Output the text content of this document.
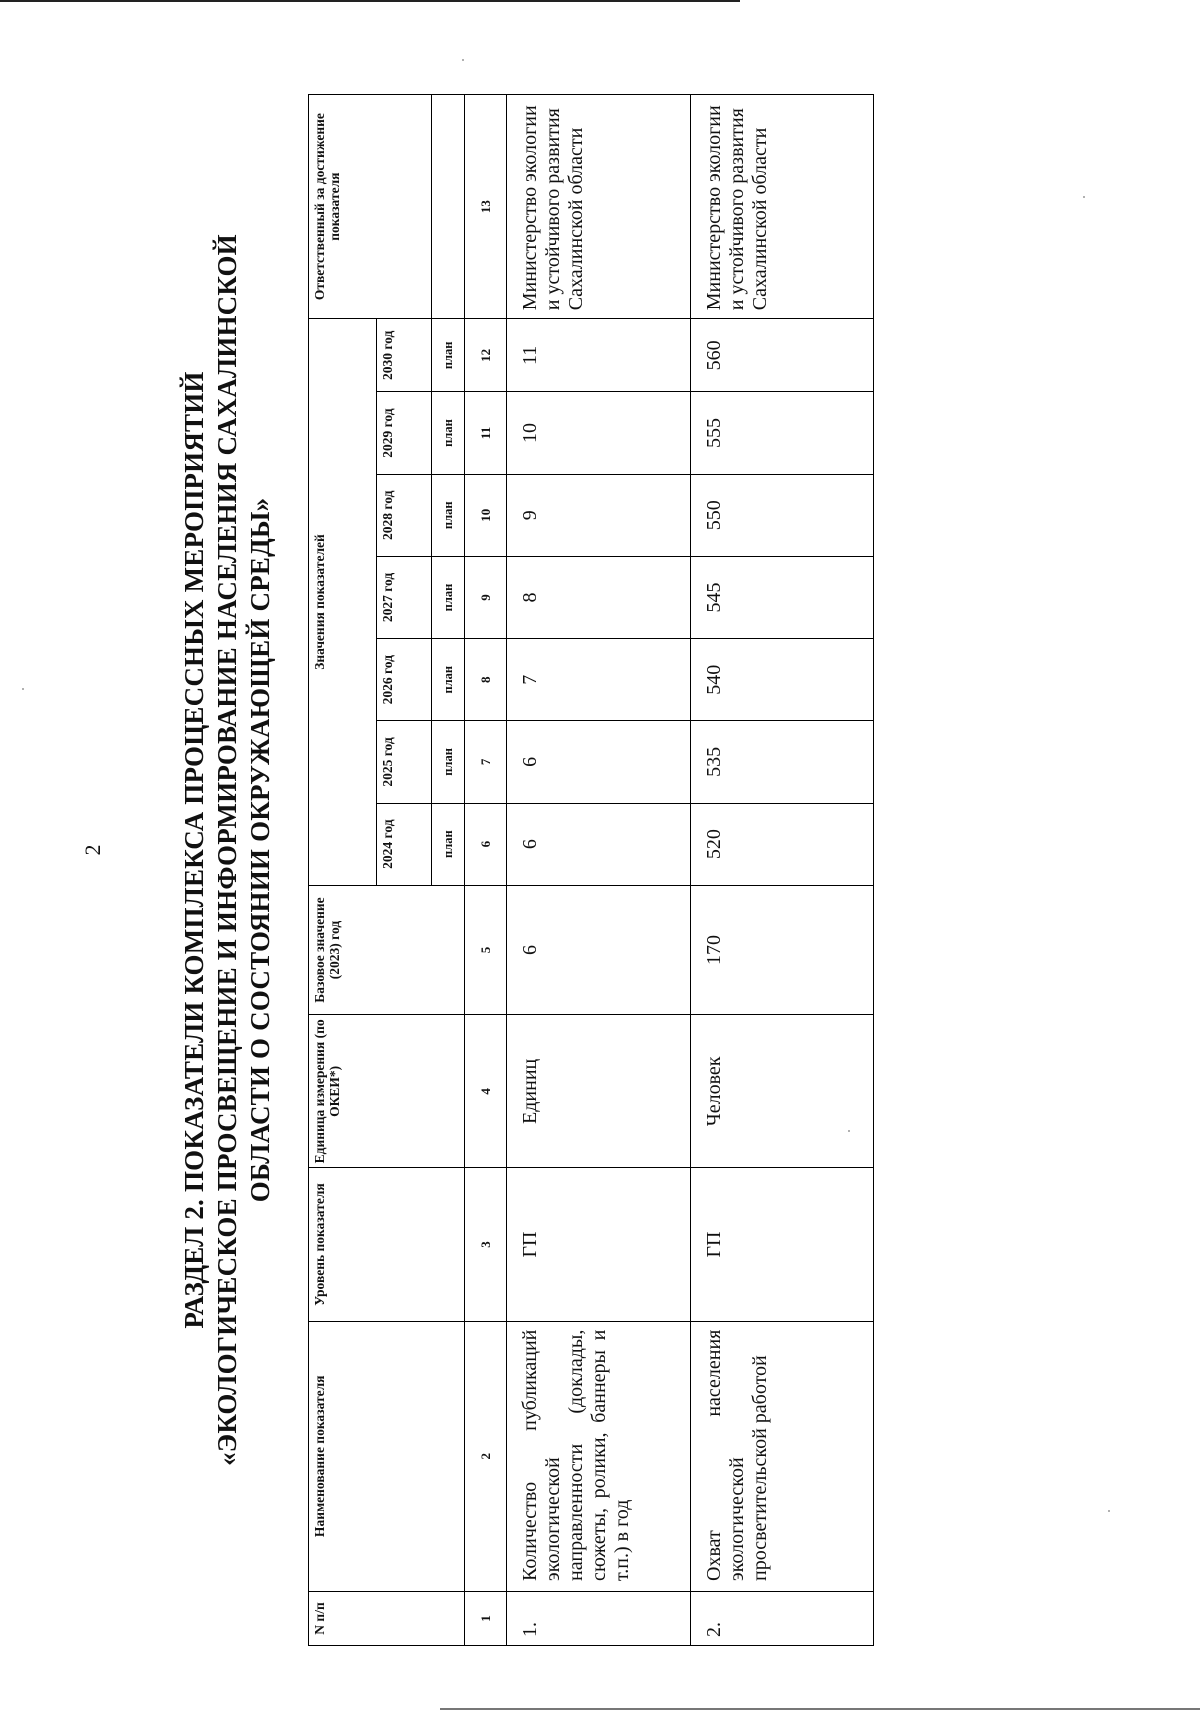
2	РАЗДЕЛ 2. ПОКАЗАТЕЛИ КОМПЛЕКСА ПРОЦЕССНЫХ МЕРОПРИЯТИЙ «ЭКОЛОГИЧЕСКОЕ ПРОСВЕЩЕНИЕ И ИНФОРМИРОВАНИЕ НАСЕЛЕНИЯ САХАЛИНСКОЙ ОБЛАСТИ О СОСТОЯНИИ ОКРУЖАЮЩЕЙ СРЕДЫ»
N п/п	Наименование показателя	Уровень показателя	Единица измерения (по ОКЕИ*)	Базовое значение (2023) год	Значения показателей							Ответственный за достижение показателя
					2024 год	2025 год	2026 год	2027 год	2028 год	2029 год	2030 год	
					план	план	план	план	план	план	план	
1	2	3	4	5	6	7	8	9	10	11	12	13
1.	Количество публикаций экологической направленности (доклады, сюжеты, ролики, баннеры и т.п.) в год	ГП	Единиц	6	6	6	7	8	9	10	11	Министерство экологии и устойчивого развития Сахалинской области
2.	Охват населения экологической просветительской работой	ГП	Человек	170	520	535	540	545	550	555	560	Министерство экологии и устойчивого развития Сахалинской области
